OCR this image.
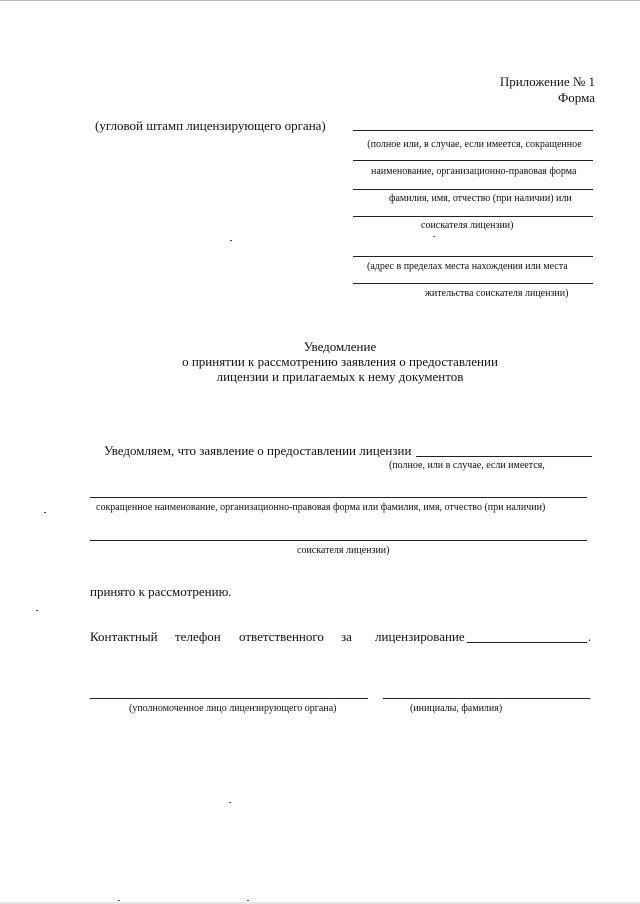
Приложение № 1
Форма
(угловой штамп лицензирующего органа)
(полное или, в случае, если имеется, сокращенное
наименование, организационно-правовая форма
фамилия, имя, отчество (при наличии) или
соискателя лицензии)
(адрес в пределах места нахождения или места
жительства соискателя лицензии)
Уведомление
о принятии к рассмотрению заявления о предоставлении
лицензии и прилагаемых к нему документов
Уведомляем, что заявление о предоставлении лицензии
(полное, или в случае, если имеется,
сокращенное наименование, организационно-правовая форма или фамилия, имя, отчество (при наличии)
соискателя лицензии)
принято к рассмотрению.
Контактный телефон ответственного за лицензирование	.
(уполномоченное лицо лицензирующего органа)	(инициалы, фамилия)
